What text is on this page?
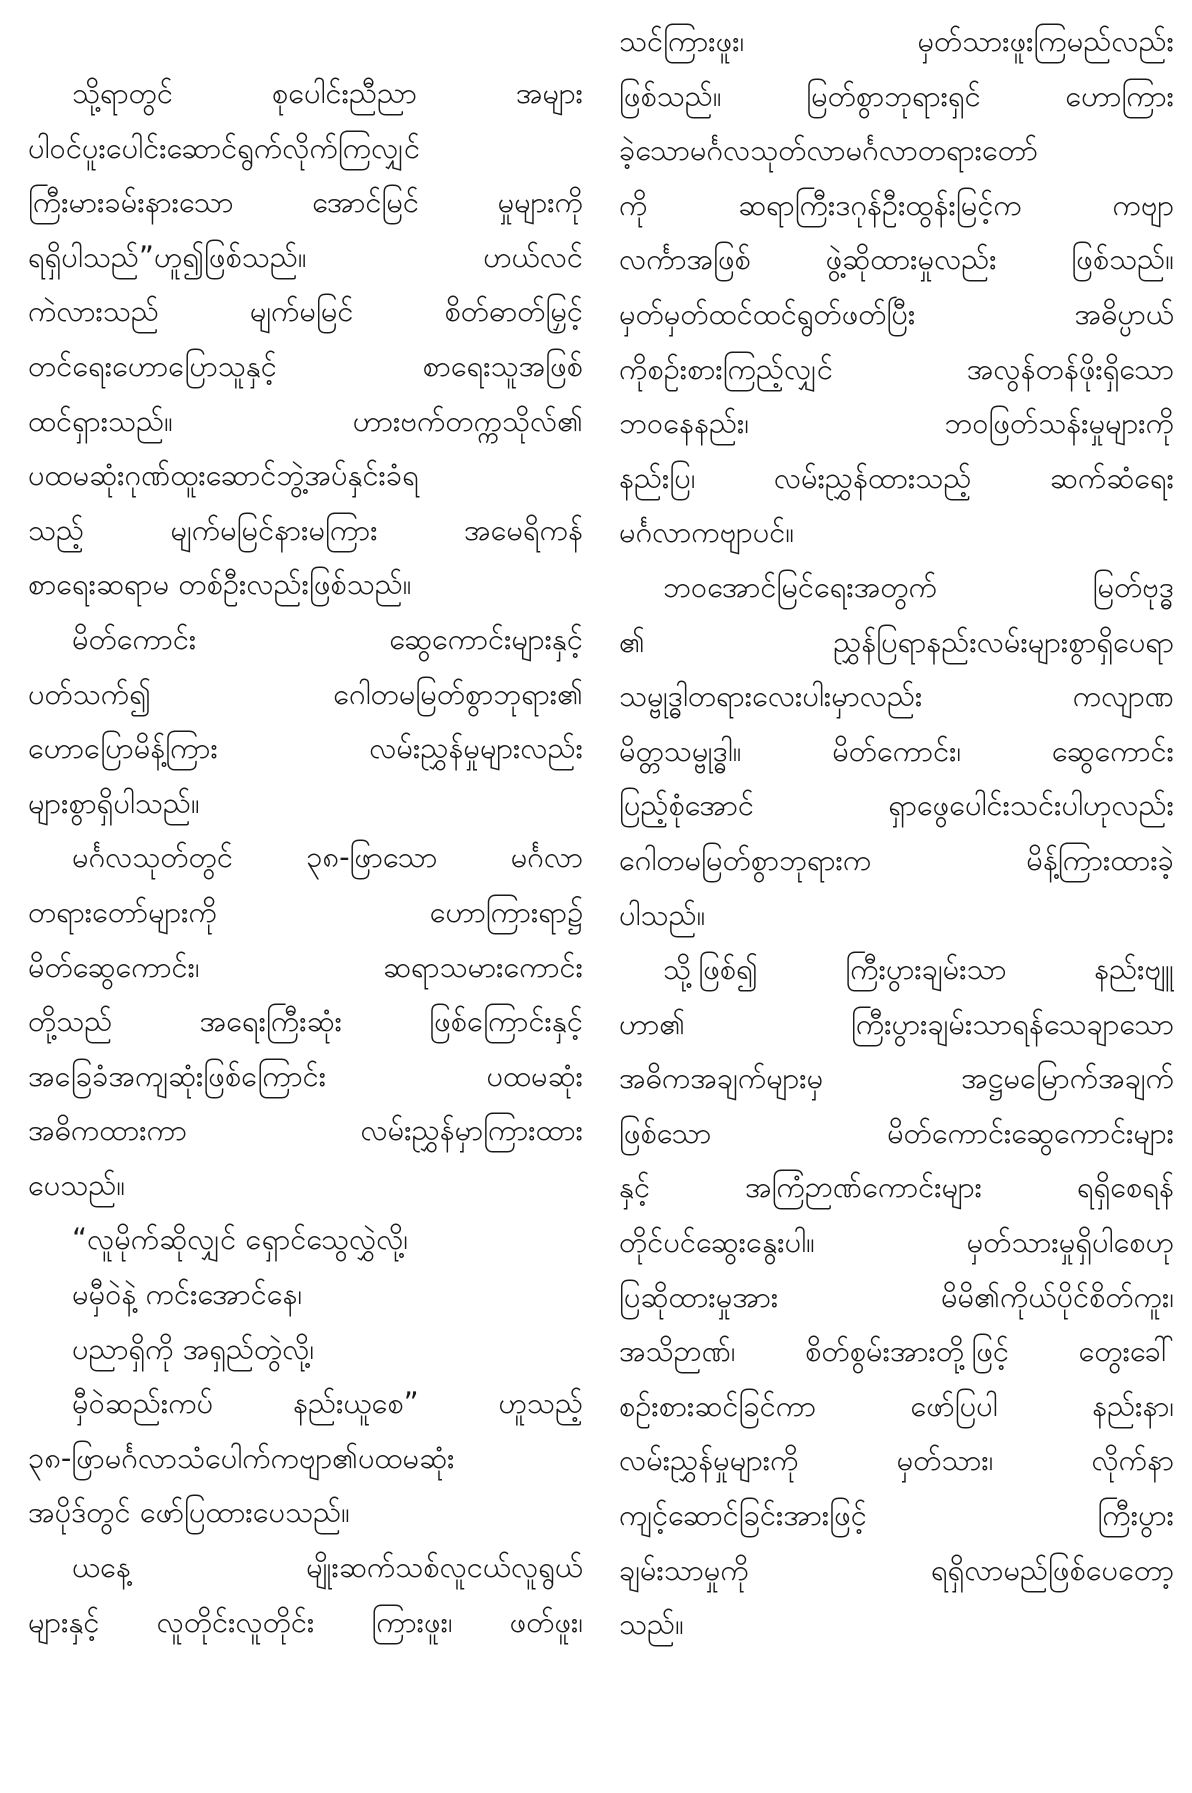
သို့ရာတွင် စုပေါင်းညီညာ အများ
ပါဝင်ပူးပေါင်းဆောင်ရွက်လိုက်ကြလျှင်
ကြီးမားခမ်းနားသော အောင်မြင် မှုများကို
ရရှိပါသည်”ဟူ၍ဖြစ်သည်။ ဟယ်လင်
ကဲလားသည် မျက်မမြင် စိတ်ဓာတ်မြှင့်
တင်ရေးဟောပြောသူနှင့် စာရေးသူအဖြစ်
ထင်ရှားသည်။ ဟားဗက်တက္ကသိုလ်၏
ပထမဆုံးဂုဏ်ထူးဆောင်ဘွဲ့အပ်နှင်းခံရ
သည့် မျက်မမြင်နားမကြား အမေရိကန်
စာရေးဆရာမ တစ်ဦးလည်းဖြစ်သည်။
မိတ်ကောင်း ဆွေကောင်းများနှင့်
ပတ်သက်၍ ဂေါတမမြတ်စွာဘုရား၏
ဟောပြောမိန့်ကြား လမ်းညွှန်မှုများလည်း
များစွာရှိပါသည်။
မင်္ဂလသုတ်တွင် ၃၈-ဖြာသော မင်္ဂလာ
တရားတော်များကို ဟောကြားရာ၌
မိတ်ဆွေကောင်း၊ ဆရာသမားကောင်း
တို့သည် အရေးကြီးဆုံး ဖြစ်ကြောင်းနှင့်
အခြေခံအကျဆုံးဖြစ်ကြောင်း ပထမဆုံး
အဓိကထားကာ လမ်းညွှန်မှာကြားထား
ပေသည်။
“လူမိုက်ဆိုလျှင် ရှောင်သွေလွှဲလို့၊
မမှီဝဲနဲ့ ကင်းအောင်နေ၊
ပညာရှိကို အရှည်တွဲလို့၊
မှီဝဲဆည်းကပ် နည်းယူစေ” ဟူသည့်
၃၈-ဖြာမင်္ဂလာသံပေါက်ကဗျာ၏ပထမဆုံး
အပိုဒ်တွင် ဖော်ပြထားပေသည်။
ယနေ့ မျိုးဆက်သစ်လူငယ်လူရွယ်
များနှင့် လူတိုင်းလူတိုင်း ကြားဖူး၊ ဖတ်ဖူး၊
သင်ကြားဖူး၊ မှတ်သားဖူးကြမည်လည်း
ဖြစ်သည်။ မြတ်စွာဘုရားရှင် ဟောကြား
ခဲ့သောမင်္ဂလသုတ်လာမင်္ဂလာတရားတော်
ကို ဆရာကြီးဒဂုန်ဦးထွန်းမြင့်က ကဗျာ
လင်္ကာအဖြစ် ဖွဲ့ဆိုထားမှုလည်း ဖြစ်သည်။
မှတ်မှတ်ထင်ထင်ရွတ်ဖတ်ပြီး အဓိပ္ပာယ်
ကိုစဉ်းစားကြည့်လျှင် အလွန်တန်ဖိုးရှိသော
ဘဝနေနည်း၊ ဘဝဖြတ်သန်းမှုများကို
နည်းပြ၊ လမ်းညွှန်ထားသည့် ဆက်ဆံရေး
မင်္ဂလာကဗျာပင်။
ဘဝအောင်မြင်ရေးအတွက် မြတ်ဗုဒ္ဓ
၏ ညွှန်ပြရာနည်းလမ်းများစွာရှိပေရာ
သမ္ဗုဒ္ဓါတရားလေးပါးမှာလည်း ကလျာဏ
မိတ္တသမ္ဗုဒ္ဓါ။ မိတ်ကောင်း၊ ဆွေကောင်း
ပြည့်စုံအောင် ရှာဖွေပေါင်းသင်းပါဟုလည်း
ဂေါတမမြတ်စွာဘုရားက မိန့်ကြားထားခဲ့
ပါသည်။
သို့ဖြစ်၍ ကြီးပွားချမ်းသာ နည်းဗျူ
ဟာ၏ ကြီးပွားချမ်းသာရန်သေချာသော
အဓိကအချက်များမှ အဋ္ဌမမြောက်အချက်
ဖြစ်သော မိတ်ကောင်းဆွေကောင်းများ
နှင့် အကြံဉာဏ်ကောင်းများ ရရှိစေရန်
တိုင်ပင်ဆွေးနွေးပါ။ မှတ်သားမှုရှိပါစေဟု
ပြဆိုထားမှုအား မိမိ၏ကိုယ်ပိုင်စိတ်ကူး၊
အသိဉာဏ်၊ စိတ်စွမ်းအားတို့ဖြင့် တွေးခေါ်
စဉ်းစားဆင်ခြင်ကာ ဖော်ပြပါ နည်းနာ၊
လမ်းညွှန်မှုများကို မှတ်သား၊ လိုက်နာ
ကျင့်ဆောင်ခြင်းအားဖြင့် ကြီးပွား
ချမ်းသာမှုကို ရရှိလာမည်ဖြစ်ပေတော့
သည်။
